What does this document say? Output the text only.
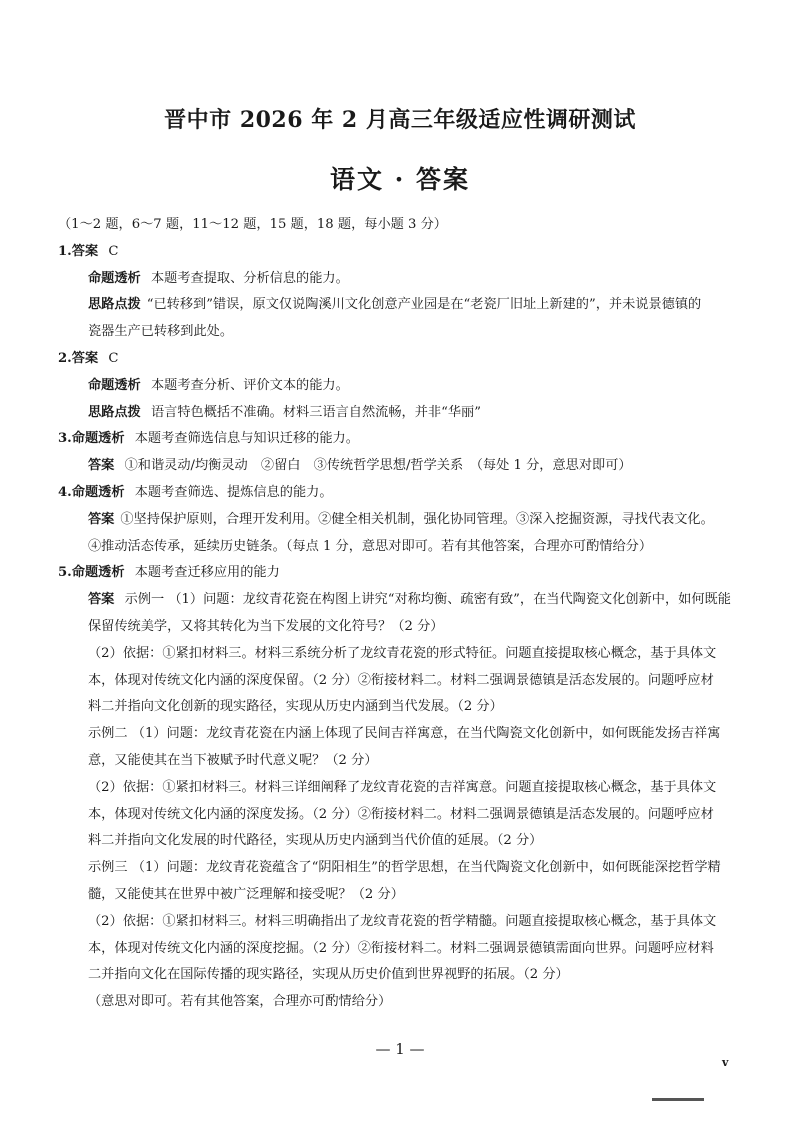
晋中市 2026 年 2 月高三年级适应性调研测试
语文 · 答案
（1～2 题，6～7 题，11～12 题，15 题，18 题，每小题 3 分）
1.答案 C
命题透析 本题考查提取、分析信息的能力。
思路点拨 “已转移到”错误，原文仅说陶溪川文化创意产业园是在“老瓷厂旧址上新建的”，并未说景德镇的
瓷器生产已转移到此处。
2.答案 C
命题透析 本题考查分析、评价文本的能力。
思路点拨 语言特色概括不准确。材料三语言自然流畅，并非“华丽”
3.命题透析 本题考查筛选信息与知识迁移的能力。
答案 ①和谐灵动/均衡灵动　②留白　③传统哲学思想/哲学关系　（每处 1 分，意思对即可）
4.命题透析 本题考查筛选、提炼信息的能力。
答案 ①坚持保护原则，合理开发利用。②健全相关机制，强化协同管理。③深入挖掘资源，寻找代表文化。
④推动活态传承，延续历史链条。（每点 1 分，意思对即可。若有其他答案，合理亦可酌情给分）
5.命题透析 本题考查迁移应用的能力
答案 示例一 （1）问题：龙纹青花瓷在构图上讲究“对称均衡、疏密有致”，在当代陶瓷文化创新中，如何既能
保留传统美学，又将其转化为当下发展的文化符号？（2 分）
（2）依据：①紧扣材料三。材料三系统分析了龙纹青花瓷的形式特征。问题直接提取核心概念，基于具体文
本，体现对传统文化内涵的深度保留。（2 分）②衔接材料二。材料二强调景德镇是活态发展的。问题呼应材
料二并指向文化创新的现实路径，实现从历史内涵到当代发展。（2 分）
示例二 （1）问题：龙纹青花瓷在内涵上体现了民间吉祥寓意，在当代陶瓷文化创新中，如何既能发扬吉祥寓
意，又能使其在当下被赋予时代意义呢？（2 分）
（2）依据：①紧扣材料三。材料三详细阐释了龙纹青花瓷的吉祥寓意。问题直接提取核心概念，基于具体文
本，体现对传统文化内涵的深度发扬。（2 分）②衔接材料二。材料二强调景德镇是活态发展的。问题呼应材
料二并指向文化发展的时代路径，实现从历史内涵到当代价值的延展。（2 分）
示例三 （1）问题：龙纹青花瓷蕴含了“阴阳相生”的哲学思想，在当代陶瓷文化创新中，如何既能深挖哲学精
髓，又能使其在世界中被广泛理解和接受呢？（2 分）
（2）依据：①紧扣材料三。材料三明确指出了龙纹青花瓷的哲学精髓。问题直接提取核心概念，基于具体文
本，体现对传统文化内涵的深度挖掘。（2 分）②衔接材料二。材料二强调景德镇需面向世界。问题呼应材料
二并指向文化在国际传播的现实路径，实现从历史价值到世界视野的拓展。（2 分）
（意思对即可。若有其他答案，合理亦可酌情给分）
— 1 —
v
